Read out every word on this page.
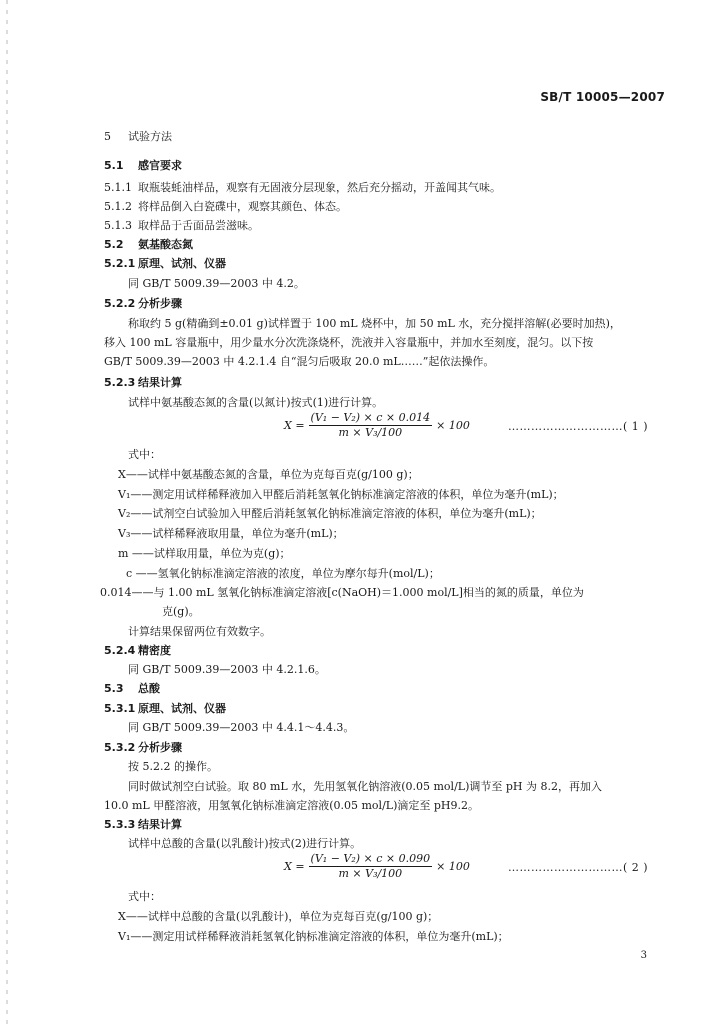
SB/T 10005—2007
5 试验方法
5.1 感官要求
5.1.1 取瓶装蚝油样品，观察有无固液分层现象，然后充分摇动，开盖闻其气味。
5.1.2 将样品倒入白瓷碟中，观察其颜色、体态。
5.1.3 取样品于舌面品尝滋味。
5.2 氨基酸态氮
5.2.1 原理、试剂、仪器
同 GB/T 5009.39—2003 中 4.2。
5.2.2 分析步骤
称取约 5 g(精确到±0.01 g)试样置于 100 mL 烧杯中，加 50 mL 水，充分搅拌溶解(必要时加热)，
移入 100 mL 容量瓶中，用少量水分次洗涤烧杯，洗液并入容量瓶中，并加水至刻度，混匀。以下按
GB/T 5009.39—2003 中 4.2.1.4 自“混匀后吸取 20.0 mL……”起依法操作。
5.2.3 结果计算
试样中氨基酸态氮的含量(以氮计)按式(1)进行计算。
$X = \frac{\text{(V₁ − V₂) × c × 0.014}}{\text{m × V₃/100}} \times 100$	…………………………( 1 )
式中：
X——试样中氨基酸态氮的含量，单位为克每百克(g/100 g)；
V₁——测定用试样稀释液加入甲醛后消耗氢氧化钠标准滴定溶液的体积，单位为毫升(mL)；
V₂——试剂空白试验加入甲醛后消耗氢氧化钠标准滴定溶液的体积，单位为毫升(mL)；
V₃——试样稀释液取用量，单位为毫升(mL)；
m ——试样取用量，单位为克(g)；
c ——氢氧化钠标准滴定溶液的浓度，单位为摩尔每升(mol/L)；
0.014——与 1.00 mL 氢氧化钠标准滴定溶液[c(NaOH)＝1.000 mol/L]相当的氮的质量，单位为
克(g)。
计算结果保留两位有效数字。
5.2.4 精密度
同 GB/T 5009.39—2003 中 4.2.1.6。
5.3 总酸
5.3.1 原理、试剂、仪器
同 GB/T 5009.39—2003 中 4.4.1～4.4.3。
5.3.2 分析步骤
按 5.2.2 的操作。
同时做试剂空白试验。取 80 mL 水，先用氢氧化钠溶液(0.05 mol/L)调节至 pH 为 8.2，再加入
10.0 mL 甲醛溶液，用氢氧化钠标准滴定溶液(0.05 mol/L)滴定至 pH9.2。
5.3.3 结果计算
试样中总酸的含量(以乳酸计)按式(2)进行计算。
$X = \frac{\text{(V₁ − V₂) × c × 0.090}}{\text{m × V₃/100}} \times 100$	…………………………( 2 )
式中：
X——试样中总酸的含量(以乳酸计)，单位为克每百克(g/100 g)；
V₁——测定用试样稀释液消耗氢氧化钠标准滴定溶液的体积，单位为毫升(mL)；
3
